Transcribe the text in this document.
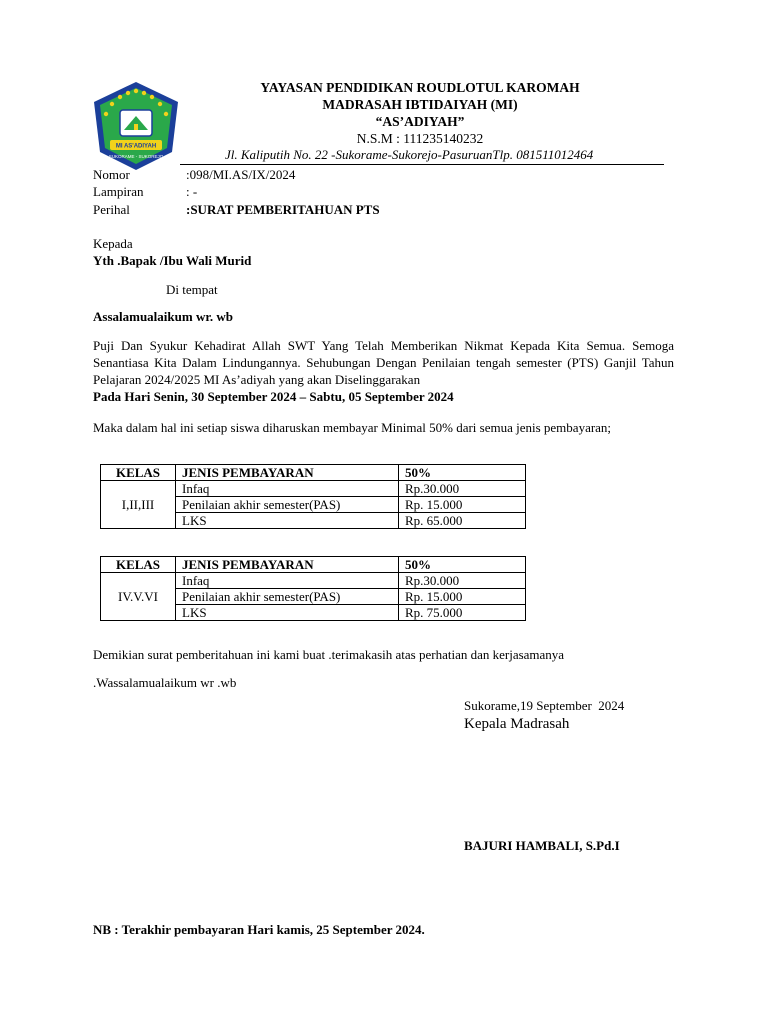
MI AS'ADIYAH
SUKORAME - SUKOREJO
YAYASAN PENDIDIKAN ROUDLOTUL KAROMAH
MADRASAH IBTIDAIYAH (MI)
“AS’ADIYAH”
N.S.M : 111235140232
Jl. Kaliputih No. 22 -Sukorame-Sukorejo-PasuruanTlp. 081511012464
Nomor	:098/MI.AS/IX/2024
Lampiran	: -
Perihal	:SURAT PEMBERITAHUAN PTS
Kepada
Yth .Bapak /Ibu Wali Murid
Di tempat
Assalamualaikum wr. wb
Puji Dan Syukur Kehadirat Allah SWT Yang Telah Memberikan Nikmat Kepada Kita Semua. Semoga Senantiasa Kita Dalam Lindungannya. Sehubungan Dengan Penilaian tengah semester (PTS) Ganjil Tahun Pelajaran 2024/2025 MI As’adiyah yang akan Diselinggarakan
Pada Hari Senin, 30 September 2024 – Sabtu, 05 September 2024
Maka dalam hal ini setiap siswa diharuskan membayar Minimal 50% dari semua jenis pembayaran;
KELAS	JENIS PEMBAYARAN	50%
I,II,III	Infaq	Rp.30.000
	Penilaian akhir semester(PAS)	Rp. 15.000
	LKS	Rp. 65.000
KELAS	JENIS PEMBAYARAN	50%
IV.V.VI	Infaq	Rp.30.000
	Penilaian akhir semester(PAS)	Rp. 15.000
	LKS	Rp. 75.000
Demikian surat pemberitahuan ini kami buat .terimakasih atas perhatian dan kerjasamanya
.Wassalamualaikum wr .wb
Sukorame,19 September  2024
Kepala Madrasah
BAJURI HAMBALI, S.Pd.I
NB : Terakhir pembayaran Hari kamis, 25 September 2024.
